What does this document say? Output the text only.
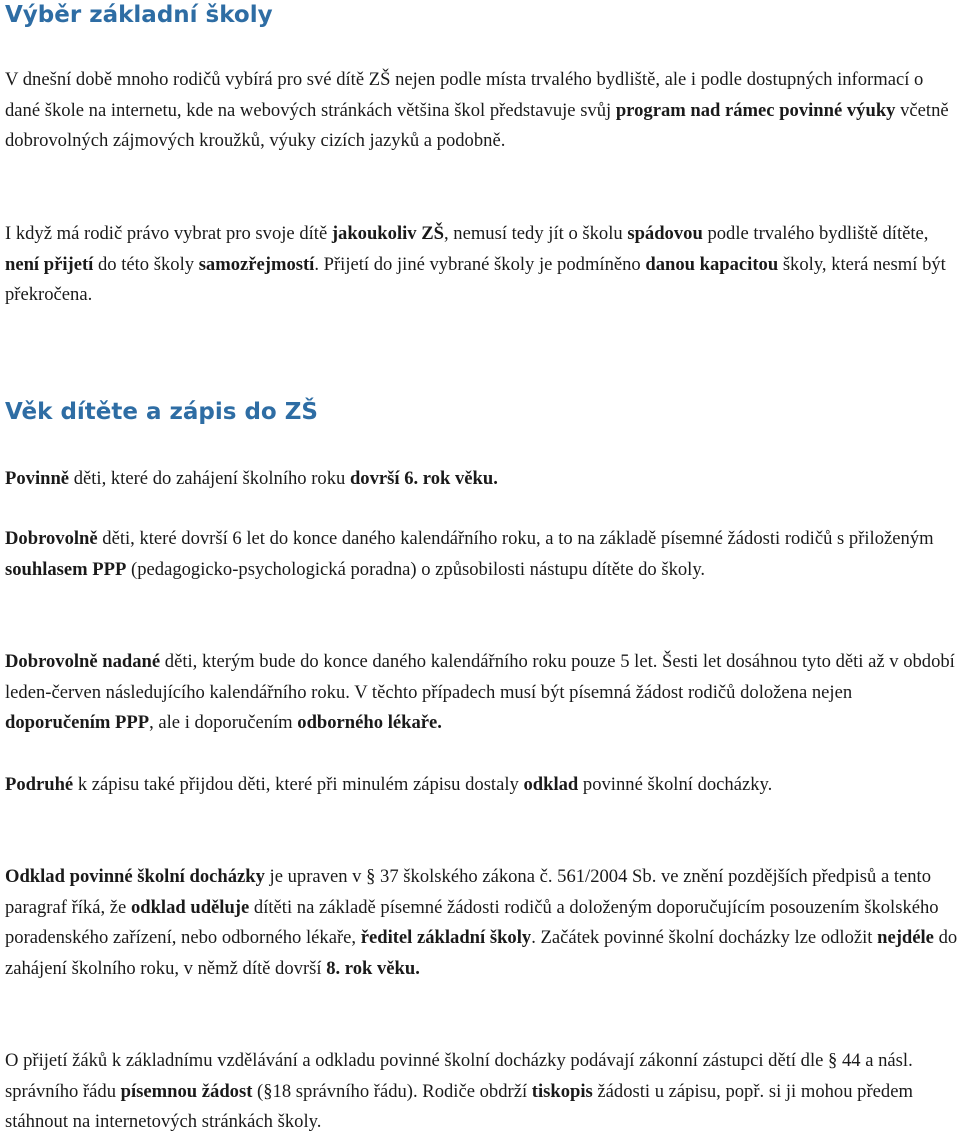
Výběr základní školy

V dnešní době mnoho rodičů vybírá pro své dítě ZŠ nejen podle místa trvalého bydliště, ale i podle dostupných informací o dané škole na internetu, kde na webových stránkách většina škol představuje svůj program nad rámec povinné výuky včetně dobrovolných zájmových kroužků, výuky cizích jazyků a podobně.

I když má rodič právo vybrat pro svoje dítě jakoukoliv ZŠ, nemusí tedy jít o školu spádovou podle trvalého bydliště dítěte, není přijetí do této školy samozřejmostí. Přijetí do jiné vybrané školy je podmíněno danou kapacitou školy, která nesmí být překročena.

Věk dítěte a zápis do ZŠ

Povinně děti, které do zahájení školního roku dovrší 6. rok věku.

Dobrovolně děti, které dovrší 6 let do konce daného kalendářního roku, a to na základě písemné žádosti rodičů s přiloženým souhlasem PPP (pedagogicko-psychologická poradna) o způsobilosti nástupu dítěte do školy.

Dobrovolně nadané děti, kterým bude do konce daného kalendářního roku pouze 5 let. Šesti let dosáhnou tyto děti až v období leden-červen následujícího kalendářního roku. V těchto případech musí být písemná žádost rodičů doložena nejen doporučením PPP, ale i doporučením odborného lékaře.

Podruhé k zápisu také přijdou děti, které při minulém zápisu dostaly odklad povinné školní docházky.

Odklad povinné školní docházky je upraven v § 37 školského zákona č. 561/2004 Sb. ve znění pozdějších předpisů a tento paragraf říká, že odklad uděluje dítěti na základě písemné žádosti rodičů a doloženým doporučujícím posouzením školského poradenského zařízení, nebo odborného lékaře, ředitel základní školy. Začátek povinné školní docházky lze odložit nejdéle do zahájení školního roku, v němž dítě dovrší 8. rok věku.

O přijetí žáků k základnímu vzdělávání a odkladu povinné školní docházky podávají zákonní zástupci dětí dle § 44 a násl. správního řádu písemnou žádost (§18 správního řádu). Rodiče obdrží tiskopis žádosti u zápisu, popř. si ji mohou předem stáhnout na internetových stránkách školy.
